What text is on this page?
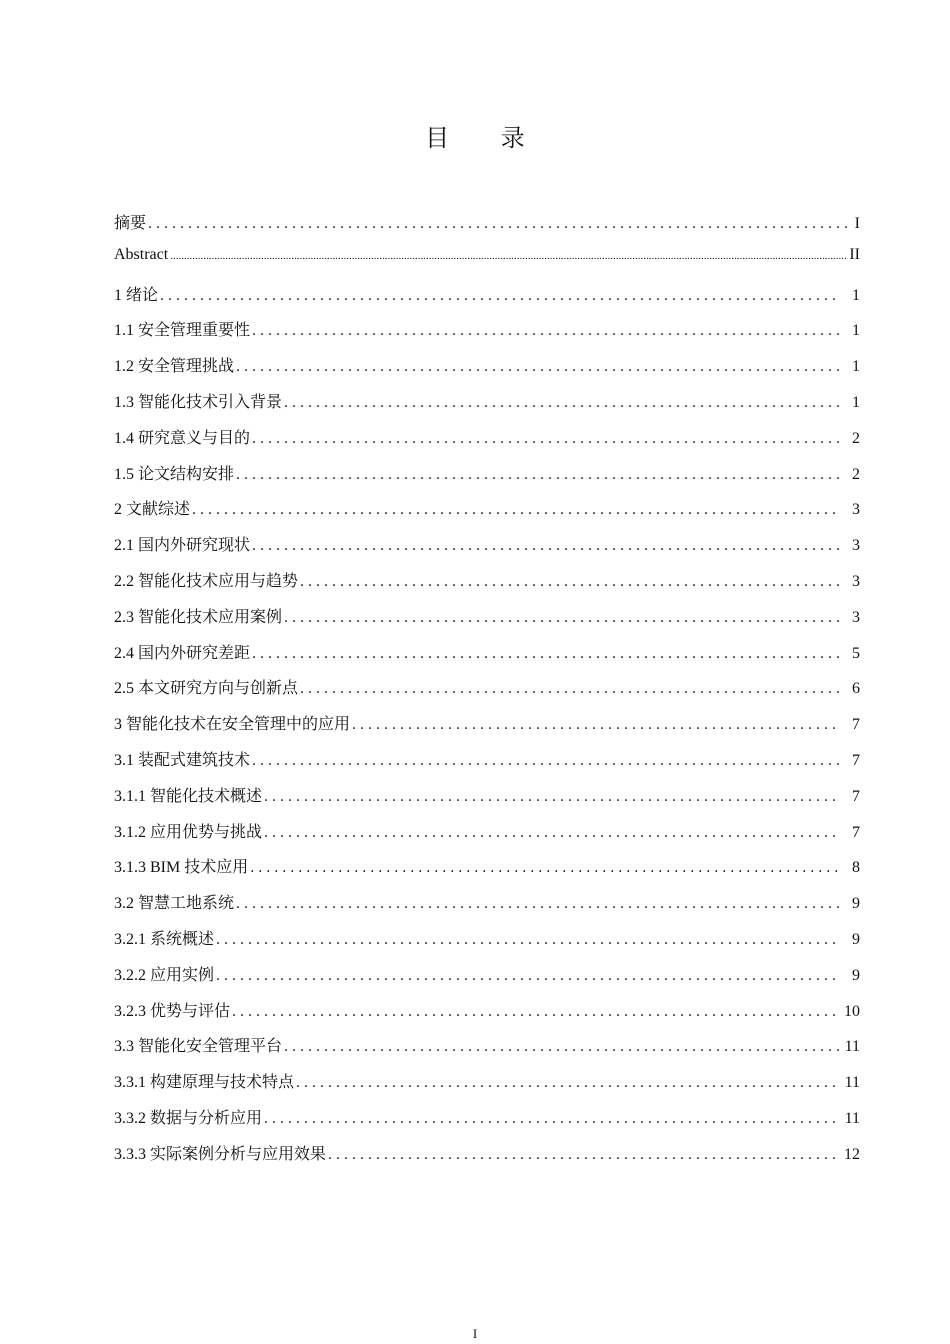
目 录
摘要 . . .	I
Abstract .....	II
1 绪论 . . .	1
1.1 安全管理重要性 . . .	1
1.2 安全管理挑战 . . .	1
1.3 智能化技术引入背景 . . .	1
1.4 研究意义与目的 . . .	2
1.5 论文结构安排 . . .	2
2 文献综述 . . .	3
2.1 国内外研究现状 . . .	3
2.2 智能化技术应用与趋势 . . .	3
2.3 智能化技术应用案例 . . .	3
2.4 国内外研究差距 . . .	5
2.5 本文研究方向与创新点 . . .	6
3 智能化技术在安全管理中的应用 . . .	7
3.1 装配式建筑技术 . . .	7
3.1.1 智能化技术概述 . . .	7
3.1.2 应用优势与挑战 . . .	7
3.1.3 BIM 技术应用 . . .	8
3.2 智慧工地系统 . . .	9
3.2.1 系统概述 . . .	9
3.2.2 应用实例 . . .	9
3.2.3 优势与评估 . . .	10
3.3 智能化安全管理平台 . . .	11
3.3.1 构建原理与技术特点 . . .	11
3.3.2 数据与分析应用 . . .	11
3.3.3 实际案例分析与应用效果 . . .	12
I
